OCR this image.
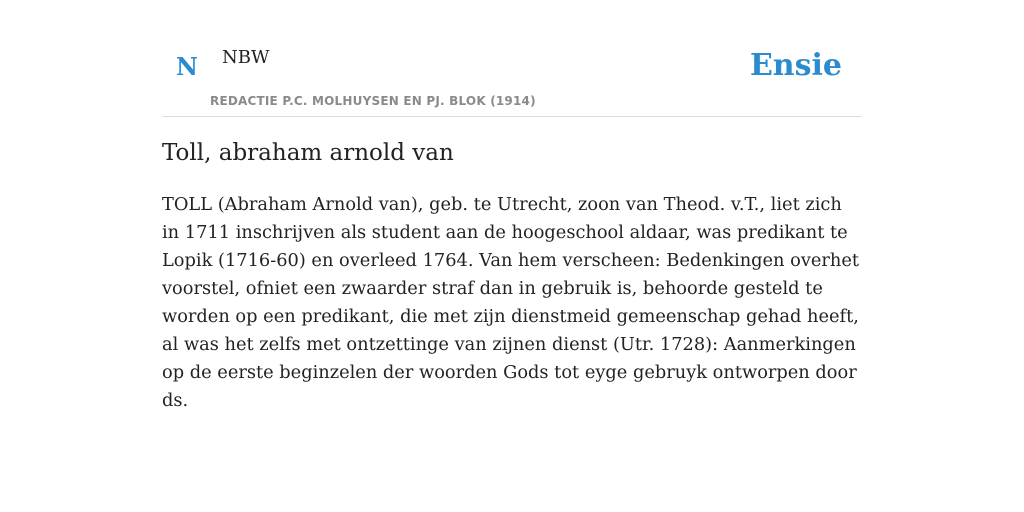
N NBW
REDACTIE P.C. MOLHUYSEN EN PJ. BLOK (1914)
Ensie
Toll, abraham arnold van

TOLL (Abraham Arnold van), geb. te Utrecht, zoon van Theod. v.T., liet zich in 1711 inschrijven als student aan de hoogeschool aldaar, was predikant te Lopik (1716-60) en overleed 1764. Van hem verscheen: Bedenkingen overhet voorstel, ofniet een zwaarder straf dan in gebruik is, behoorde gesteld te worden op een predikant, die met zijn dienstmeid gemeenschap gehad heeft, al was het zelfs met ontzettinge van zijnen dienst (Utr. 1728): Aanmerkingen op de eerste beginzelen der woorden Gods tot eyge gebruyk ontworpen door ds.
